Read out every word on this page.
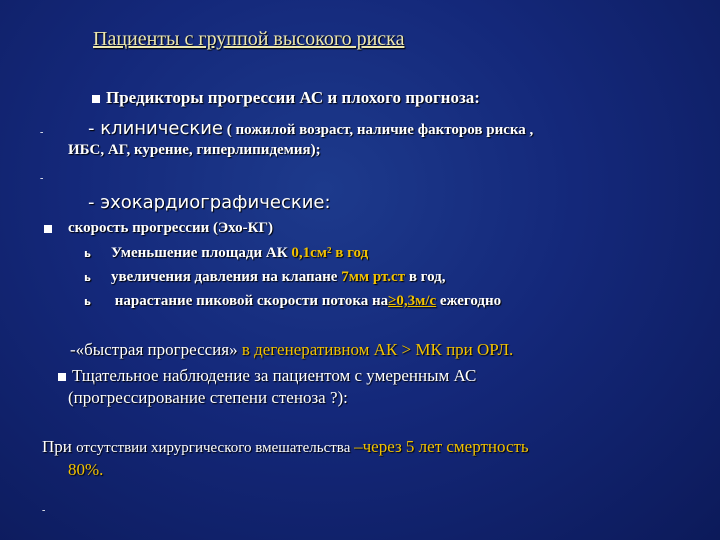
Пациенты с группой высокого риска
Предикторы прогрессии АС и плохого прогноза:
- - клинические ( пожилой возраст, наличие факторов риска ,
ИБС, АГ, курение, гиперлипидемия);
-
- эхокардиографические:
скорость прогрессии (Эхо-КГ)
ь Уменьшение площади АК 0,1см² в год
ь увеличения давления на клапане 7мм рт.ст в год,
ь нарастание пиковой скорости потока на≥0,3м/с ежегодно
-«быстрая прогрессия» в дегенеративном АК > МК при ОРЛ.
Тщательное наблюдение за пациентом с умеренным АС
(прогрессирование степени стеноза ?):
При отсутствии хирургического вмешательства –через 5 лет смертность
80%.
-
